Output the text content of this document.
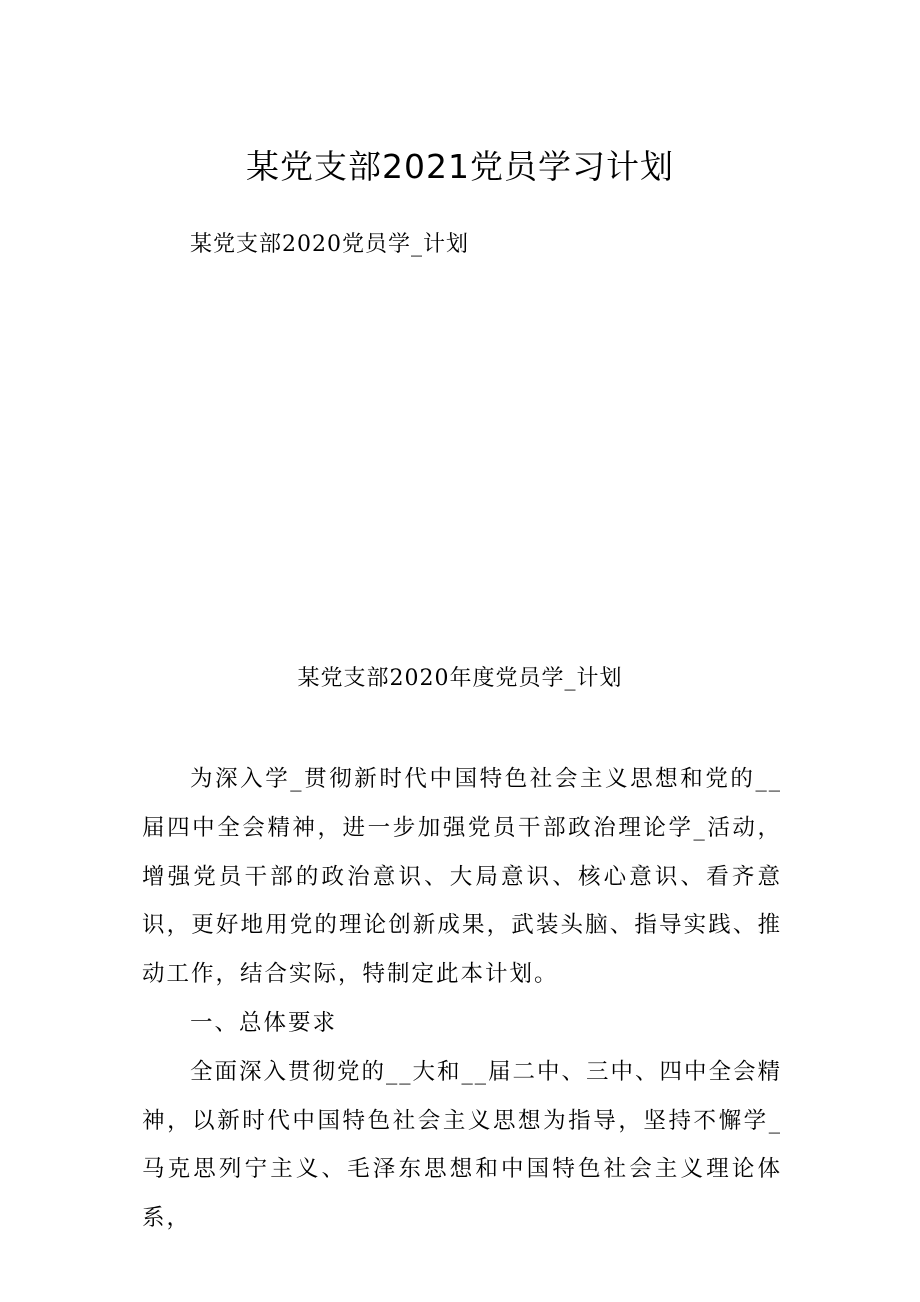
某党支部2021党员学习计划

某党支部2020党员学_计划

某党支部2020年度党员学_计划

为深入学_贯彻新时代中国特色社会主义思想和党的__届四中全会精神，进一步加强党员干部政治理论学_活动，增强党员干部的政治意识、大局意识、核心意识、看齐意识，更好地用党的理论创新成果，武装头脑、指导实践、推动工作，结合实际，特制定此本计划。

一、总体要求

全面深入贯彻党的__大和__届二中、三中、四中全会精神，以新时代中国特色社会主义思想为指导，坚持不懈学_马克思列宁主义、毛泽东思想和中国特色社会主义理论体系，
